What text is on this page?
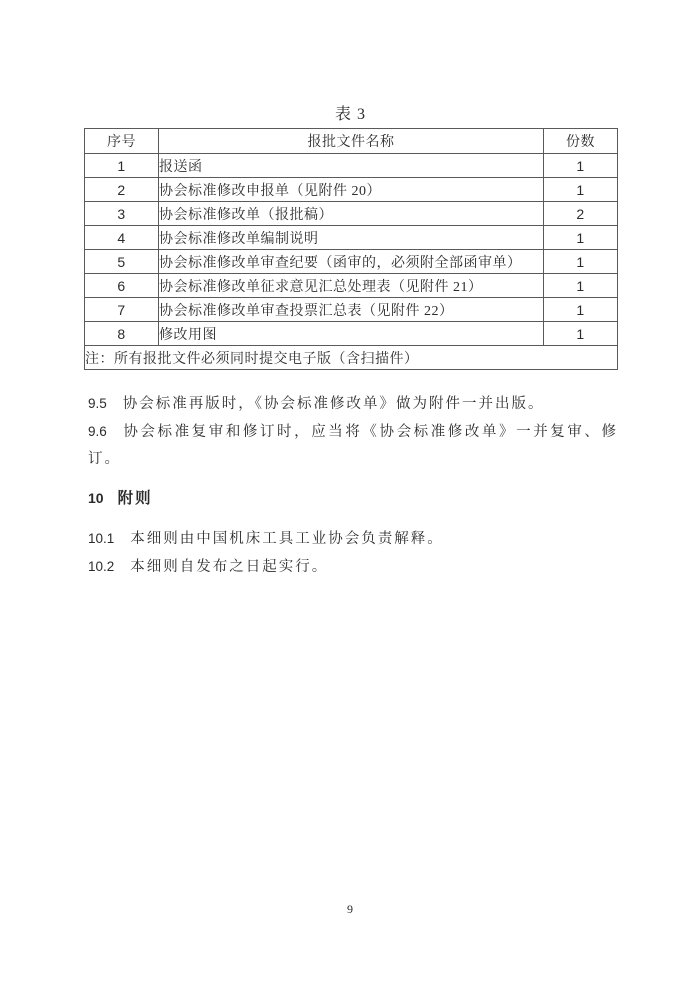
表 3
序号	报批文件名称	份数
1	报送函	1
2	协会标准修改申报单（见附件 20）	1
3	协会标准修改单（报批稿）	2
4	协会标准修改单编制说明	1
5	协会标准修改单审查纪要（函审的，必须附全部函审单）	1
6	协会标准修改单征求意见汇总处理表（见附件 21）	1
7	协会标准修改单审查投票汇总表（见附件 22）	1
8	修改用图	1
注：所有报批文件必须同时提交电子版（含扫描件）		

9.5 协会标准再版时，《协会标准修改单》做为附件一并出版。

9.6 协会标准复审和修订时，应当将《协会标准修改单》一并复审、修订。

10 附则

10.1 本细则由中国机床工具工业协会负责解释。

10.2 本细则自发布之日起实行。

9
